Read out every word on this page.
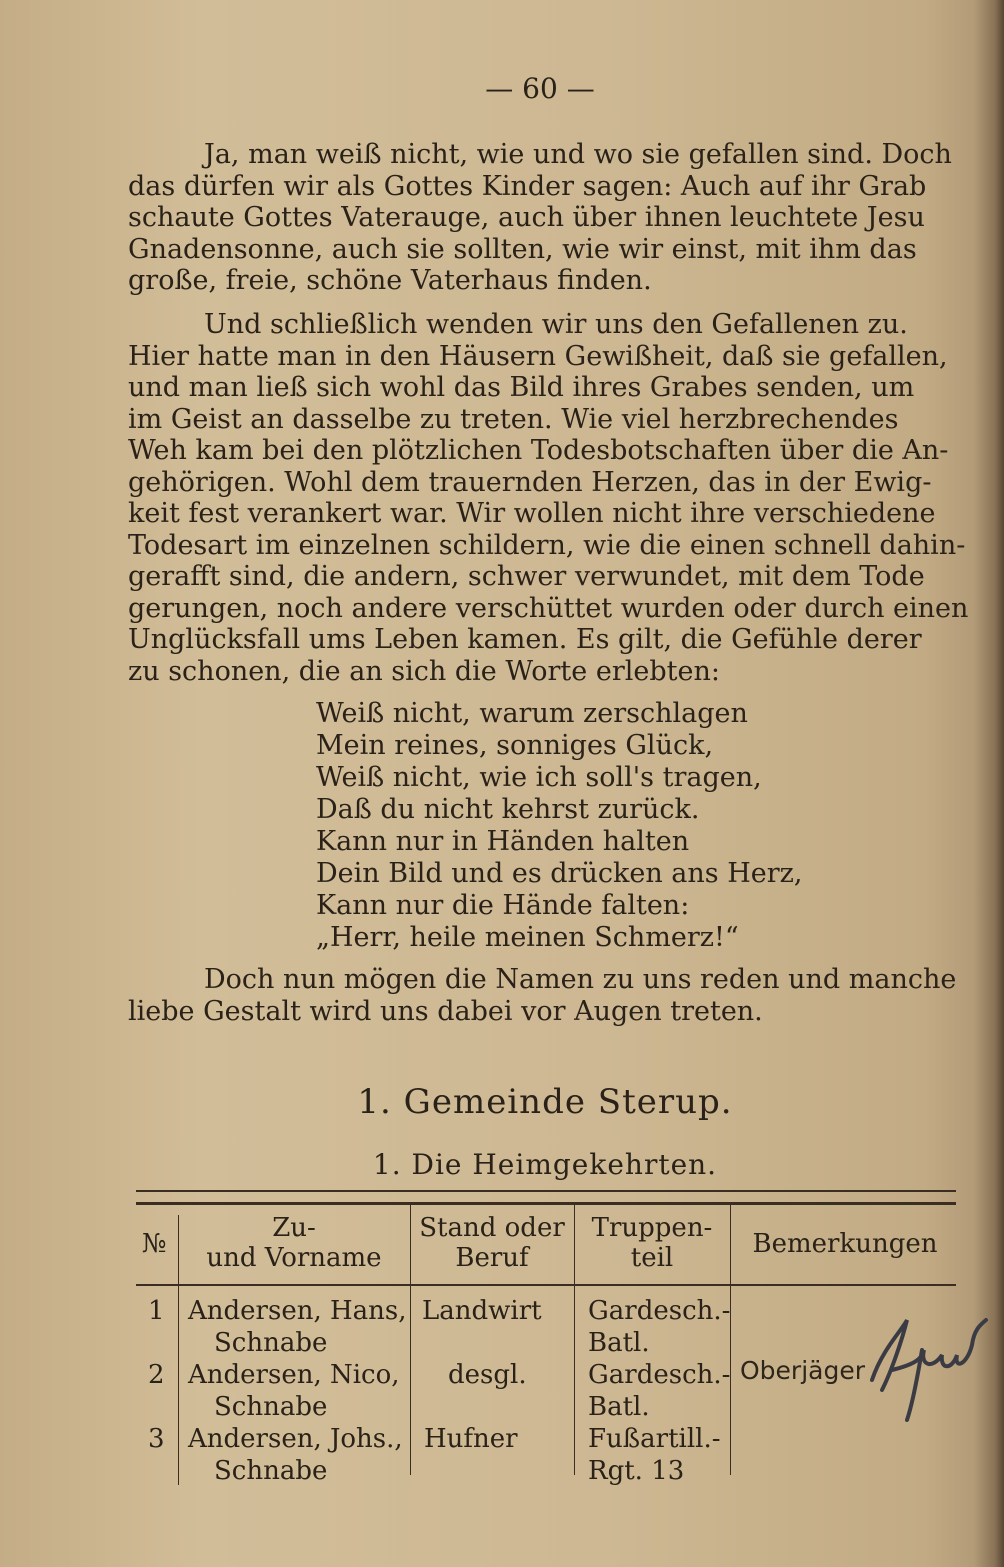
— 60 —
Ja, man weiß nicht, wie und wo sie gefallen sind. Doch
das dürfen wir als Gottes Kinder sagen: Auch auf ihr Grab
schaute Gottes Vaterauge, auch über ihnen leuchtete Jesu
Gnadensonne, auch sie sollten, wie wir einst, mit ihm das
große, freie, schöne Vaterhaus finden.
Und schließlich wenden wir uns den Gefallenen zu.
Hier hatte man in den Häusern Gewißheit, daß sie gefallen,
und man ließ sich wohl das Bild ihres Grabes senden, um
im Geist an dasselbe zu treten. Wie viel herzbrechendes
Weh kam bei den plötzlichen Todesbotschaften über die An-
gehörigen. Wohl dem trauernden Herzen, das in der Ewig-
keit fest verankert war. Wir wollen nicht ihre verschiedene
Todesart im einzelnen schildern, wie die einen schnell dahin-
gerafft sind, die andern, schwer verwundet, mit dem Tode
gerungen, noch andere verschüttet wurden oder durch einen
Unglücksfall ums Leben kamen. Es gilt, die Gefühle derer
zu schonen, die an sich die Worte erlebten:
Weiß nicht, warum zerschlagen
Mein reines, sonniges Glück,
Weiß nicht, wie ich soll's tragen,
Daß du nicht kehrst zurück.
Kann nur in Händen halten
Dein Bild und es drücken ans Herz,
Kann nur die Hände falten:
„Herr, heile meinen Schmerz!“
Doch nun mögen die Namen zu uns reden und manche
liebe Gestalt wird uns dabei vor Augen treten.
1. Gemeinde Sterup.
1. Die Heimgekehrten.
№
Zu-
und Vorname
Stand oder
Beruf
Truppen-
teil	Bemerkungen
1 Andersen, Hans,
Schnabe
Landwirt Gardesch.-
Batl.
2 Andersen, Nico,
Schnabe
desgl. Gardesch.-
Batl.
3 Andersen, Johs.,
Schnabe
Hufner	Fußartill.-
Rgt. 13
Oberjäger
